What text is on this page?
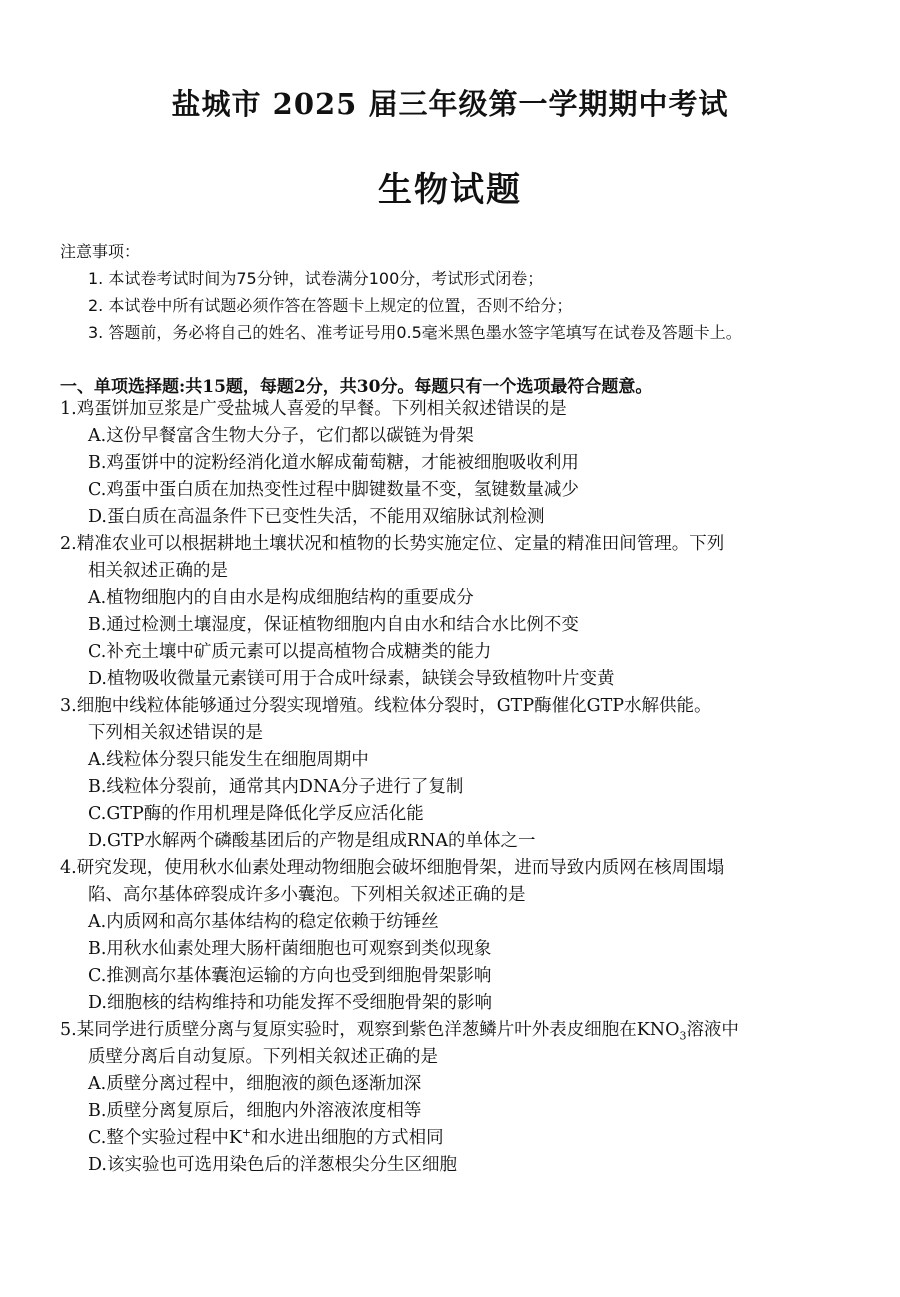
盐城市 2025 届三年级第一学期期中考试
生物试题
注意事项：
1. 本试卷考试时间为75分钟，试卷满分100分，考试形式闭卷；
2. 本试卷中所有试题必须作答在答题卡上规定的位置，否则不给分；
3. 答题前，务必将自己的姓名、准考证号用0.5毫米黑色墨水签字笔填写在试卷及答题卡上。
一、单项选择题:共15题，每题2分，共30分。每题只有一个选项最符合题意。
1.鸡蛋饼加豆浆是广受盐城人喜爱的早餐。下列相关叙述错误的是
A.这份早餐富含生物大分子，它们都以碳链为骨架
B.鸡蛋饼中的淀粉经消化道水解成葡萄糖，才能被细胞吸收利用
C.鸡蛋中蛋白质在加热变性过程中脚键数量不变，氢键数量减少
D.蛋白质在高温条件下已变性失活，不能用双缩脉试剂检测
2.精准农业可以根据耕地土壤状况和植物的长势实施定位、定量的精准田间管理。下列
相关叙述正确的是
A.植物细胞内的自由水是构成细胞结构的重要成分
B.通过检测土壤湿度，保证植物细胞内自由水和结合水比例不变
C.补充土壤中矿质元素可以提高植物合成糖类的能力
D.植物吸收微量元素镁可用于合成叶绿素，缺镁会导致植物叶片变黄
3.细胞中线粒体能够通过分裂实现增殖。线粒体分裂时，GTP酶催化GTP水解供能。
下列相关叙述错误的是
A.线粒体分裂只能发生在细胞周期中
B.线粒体分裂前，通常其内DNA分子进行了复制
C.GTP酶的作用机理是降低化学反应活化能
D.GTP水解两个磷酸基团后的产物是组成RNA的单体之一
4.研究发现，使用秋水仙素处理动物细胞会破坏细胞骨架，进而导致内质网在核周围塌
陷、高尔基体碎裂成许多小囊泡。下列相关叙述正确的是
A.内质网和高尔基体结构的稳定依赖于纺锤丝
B.用秋水仙素处理大肠杆菌细胞也可观察到类似现象
C.推测高尔基体囊泡运输的方向也受到细胞骨架影响
D.细胞核的结构维持和功能发挥不受细胞骨架的影响
5.某同学进行质壁分离与复原实验时，观察到紫色洋葱鳞片叶外表皮细胞在$KNO_3$溶液中
质壁分离后自动复原。下列相关叙述正确的是
A.质壁分离过程中，细胞液的颜色逐渐加深
B.质壁分离复原后，细胞内外溶液浓度相等
C.整个实验过程中K+和水进出细胞的方式相同
D.该实验也可选用染色后的洋葱根尖分生区细胞
